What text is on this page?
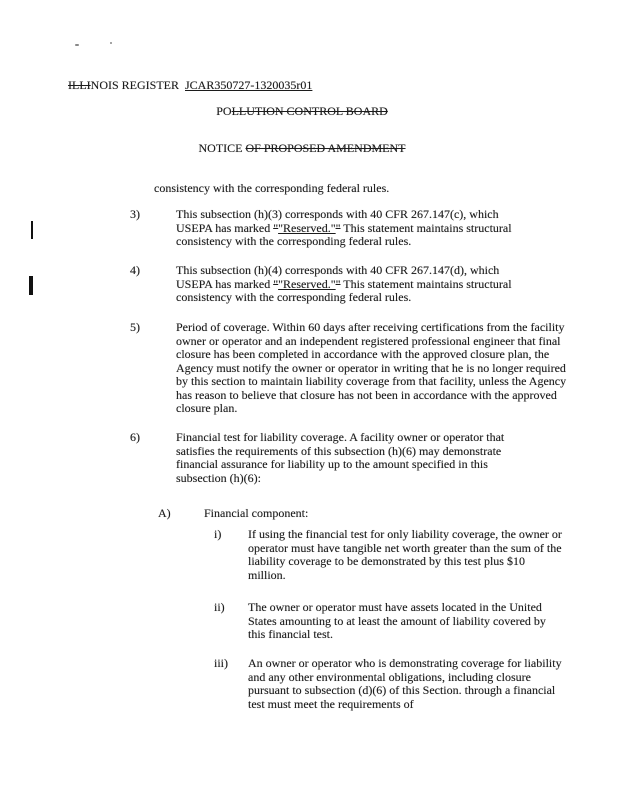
ILLINOIS REGISTER JCAR350727-1320035r01
POLLUTION CONTROL BOARD
NOTICE OF PROPOSED AMENDMENT
consistency with the corresponding federal rules.
3)	This subsection (h)(3) corresponds with 40 CFR 267.147(c), which USEPA has marked ""Reserved."" This statement maintains structural consistency with the corresponding federal rules.

4)	This subsection (h)(4) corresponds with 40 CFR 267.147(d), which USEPA has marked ""Reserved."" This statement maintains structural consistency with the corresponding federal rules.

5)	Period of coverage. Within 60 days after receiving certifications from the facility owner or operator and an independent registered professional engineer that final closure has been completed in accordance with the approved closure plan, the Agency must notify the owner or operator in writing that he is no longer required by this section to maintain liability coverage from that facility, unless the Agency has reason to believe that closure has not been in accordance with the approved closure plan.

6)	Financial test for liability coverage. A facility owner or operator that satisfies the requirements of this subsection (h)(6) may demonstrate financial assurance for liability up to the amount specified in this subsection (h)(6):

A)	Financial component:

i)	If using the financial test for only liability coverage, the owner or operator must have tangible net worth greater than the sum of the liability coverage to be demonstrated by this test plus $10 million.

ii)	The owner or operator must have assets located in the United States amounting to at least the amount of liability covered by this financial test.

iii)	An owner or operator who is demonstrating coverage for liability and any other environmental obligations, including closure pursuant to subsection (d)(6) of this Section. through a financial test must meet the requirements of
